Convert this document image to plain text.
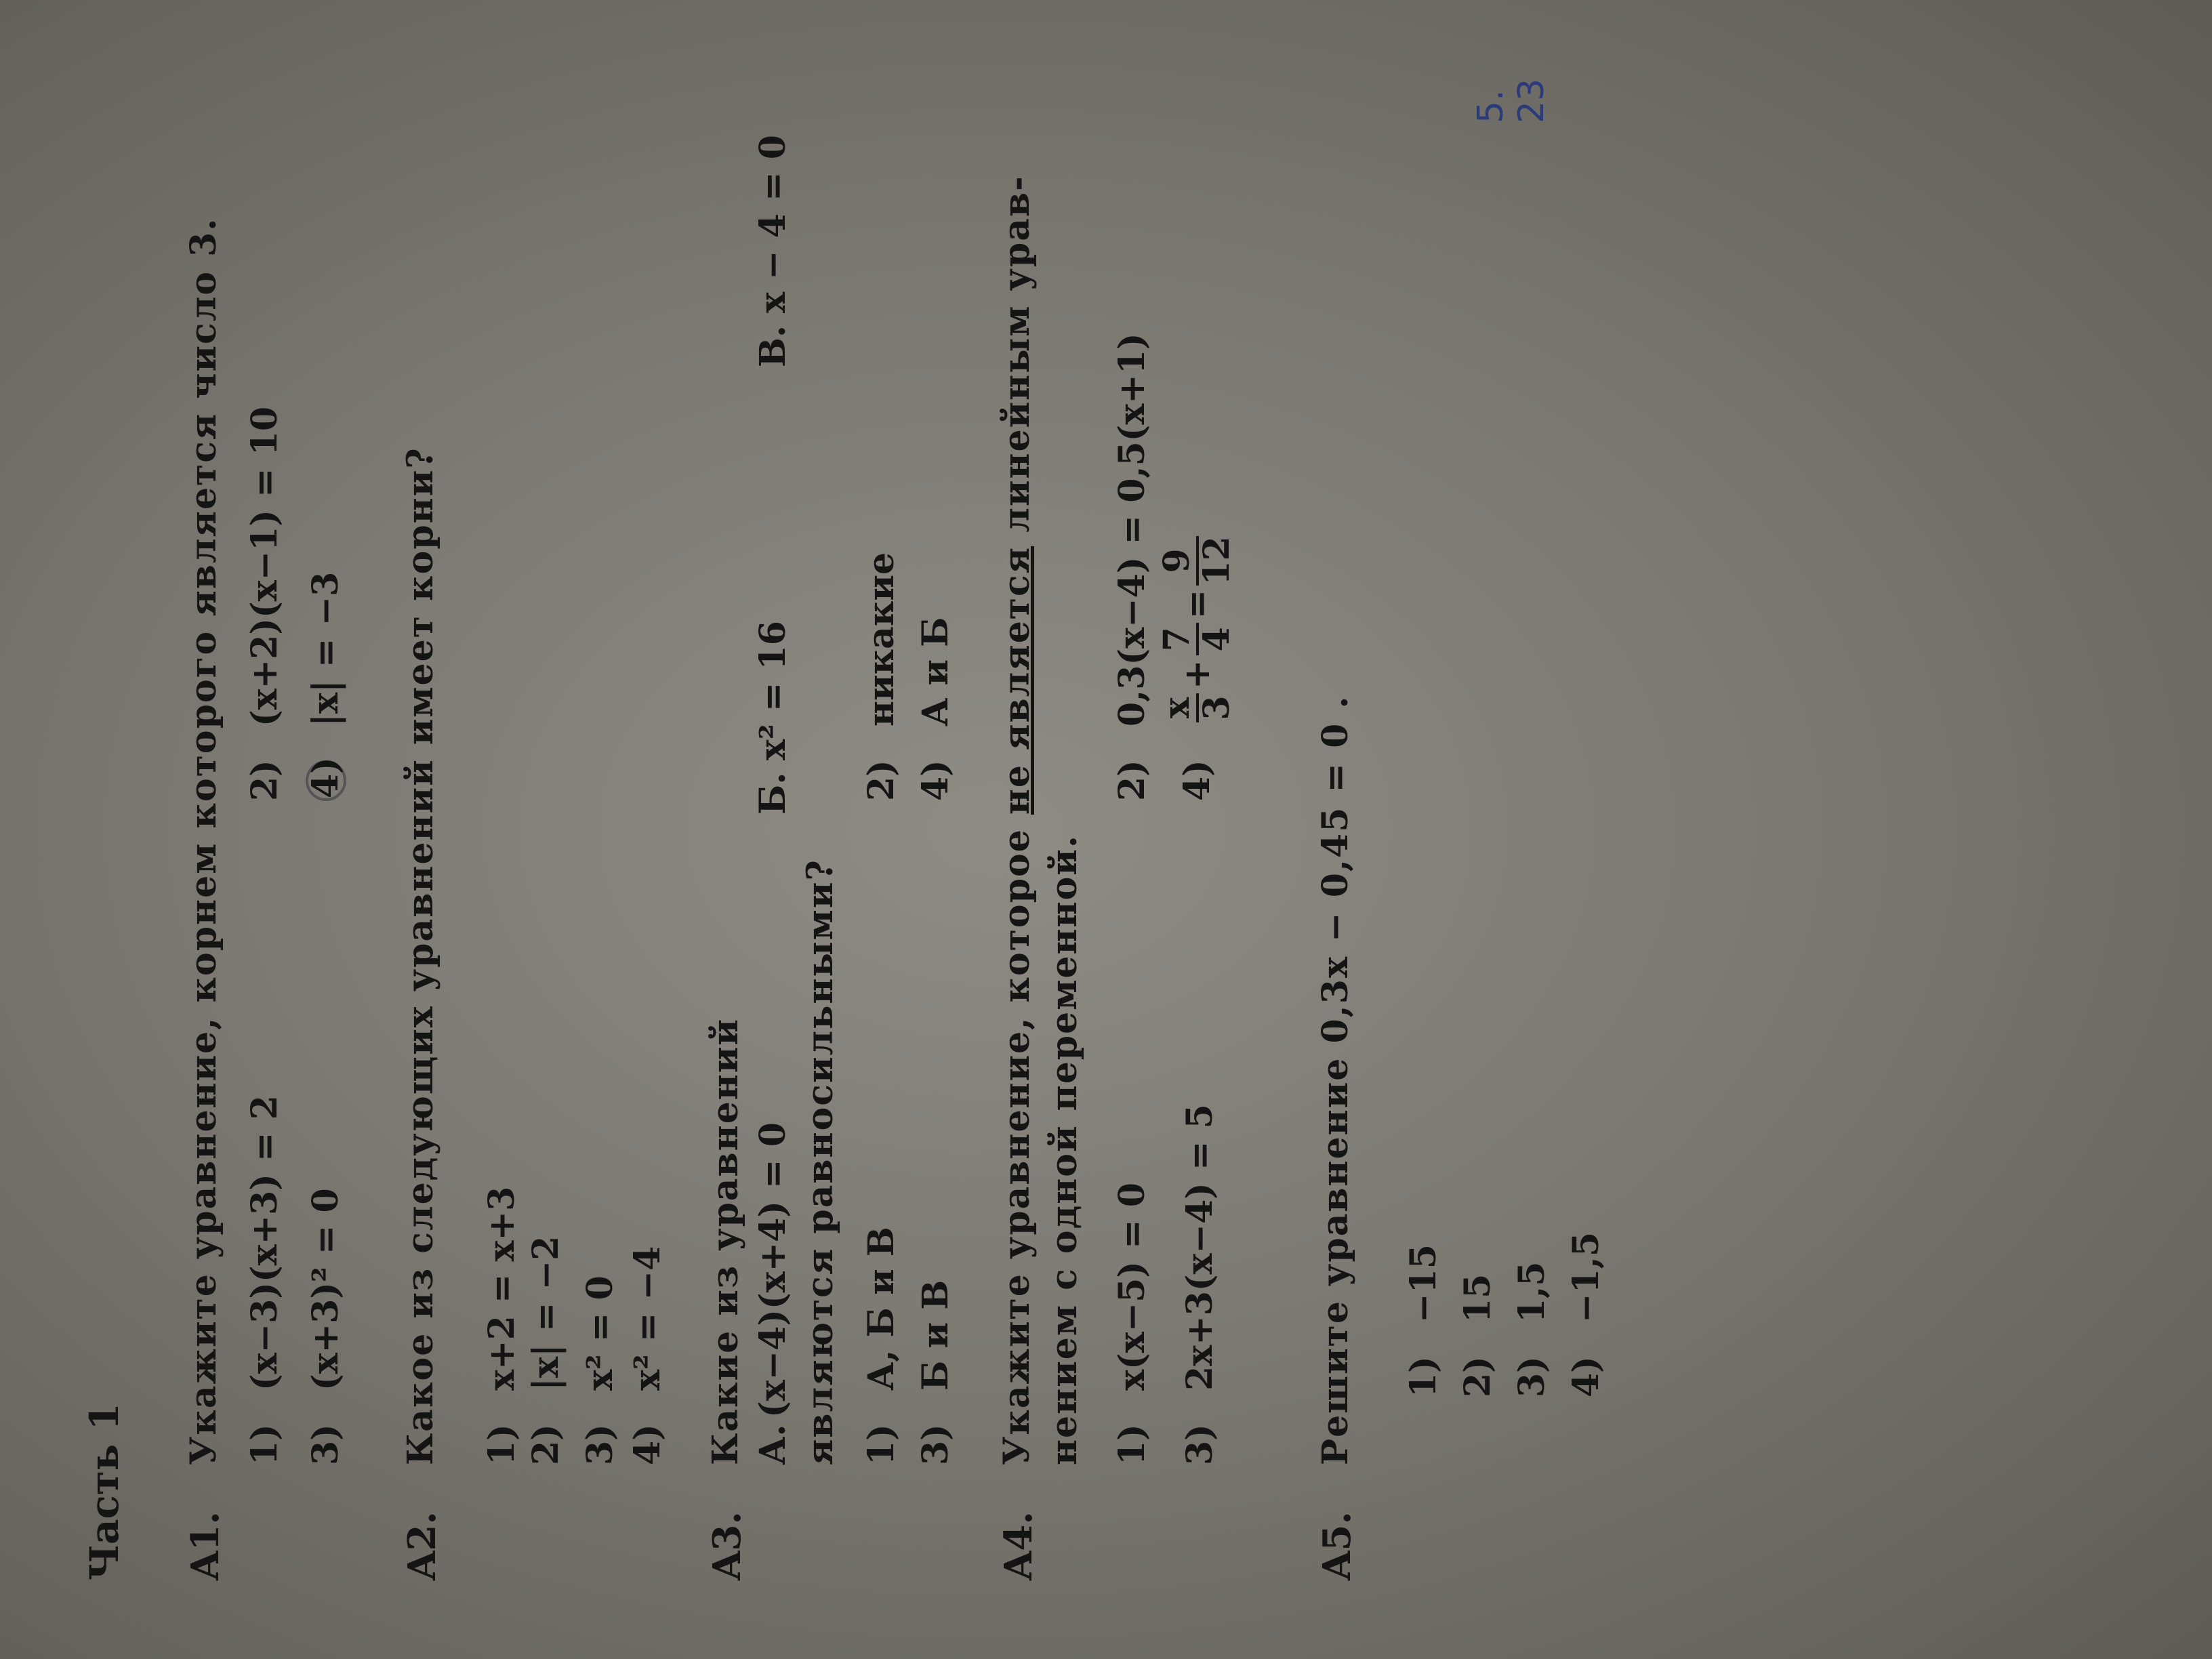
Часть 1 A1.
Укажите уравнение, корнем которого является число 3. 1)(x−3)(x+3) = 2
2)(x+2)(x−1) = 10
3)(x+3)² = 0
4)|x| = −3
A2.
Какое из следующих уравнений имеет корни? 1)x+2 = x+3
2)|x| = −2
3)x² = 0
4)x² = −4
A3.
Какие из уравнений А.(x−4)(x+4) = 0
Б.x² = 16
В.x − 4 = 0
являются равносильными? 1)А, Б и В
2)никакие
3)Б и В
4)А и Б
A4.
Укажите уравнение, которое не является линейным урав-
нением с одной переменной. 1)x(x−5) = 0
2)0,3(x−4) = 0,5(x+1)
3)2x+3(x−4) = 5
4)
x
3
+
7
4
=
9
12
A5.
Решите уравнение 0,3x − 0,45 = 0 . 1)−15
2)15
3)1,5
4)−1,5
5. 23
